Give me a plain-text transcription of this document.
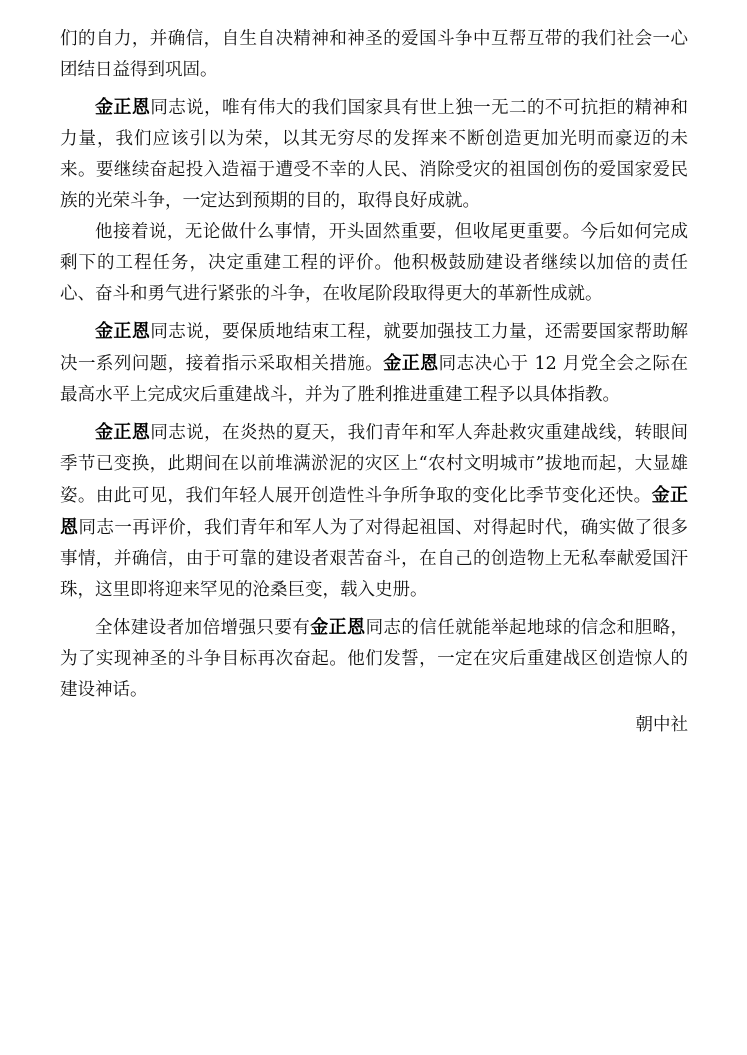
们的自力，并确信，自生自决精神和神圣的爱国斗争中互帮互带的我们社会一心团结日益得到巩固。

金正恩同志说，唯有伟大的我们国家具有世上独一无二的不可抗拒的精神和力量，我们应该引以为荣，以其无穷尽的发挥来不断创造更加光明而豪迈的未来。要继续奋起投入造福于遭受不幸的人民、消除受灾的祖国创伤的爱国家爱民族的光荣斗争，一定达到预期的目的，取得良好成就。

他接着说，无论做什么事情，开头固然重要，但收尾更重要。今后如何完成剩下的工程任务，决定重建工程的评价。他积极鼓励建设者继续以加倍的责任心、奋斗和勇气进行紧张的斗争，在收尾阶段取得更大的革新性成就。

金正恩同志说，要保质地结束工程，就要加强技工力量，还需要国家帮助解决一系列问题，接着指示采取相关措施。金正恩同志决心于 12 月党全会之际在最高水平上完成灾后重建战斗，并为了胜利推进重建工程予以具体指教。

金正恩同志说，在炎热的夏天，我们青年和军人奔赴救灾重建战线，转眼间季节已变换，此期间在以前堆满淤泥的灾区上“农村文明城市”拔地而起，大显雄姿。由此可见，我们年轻人展开创造性斗争所争取的变化比季节变化还快。金正恩同志一再评价，我们青年和军人为了对得起祖国、对得起时代，确实做了很多事情，并确信，由于可靠的建设者艰苦奋斗，在自己的创造物上无私奉献爱国汗珠，这里即将迎来罕见的沧桑巨变，载入史册。

全体建设者加倍增强只要有金正恩同志的信任就能举起地球的信念和胆略，为了实现神圣的斗争目标再次奋起。他们发誓，一定在灾后重建战区创造惊人的建设神话。

朝中社
